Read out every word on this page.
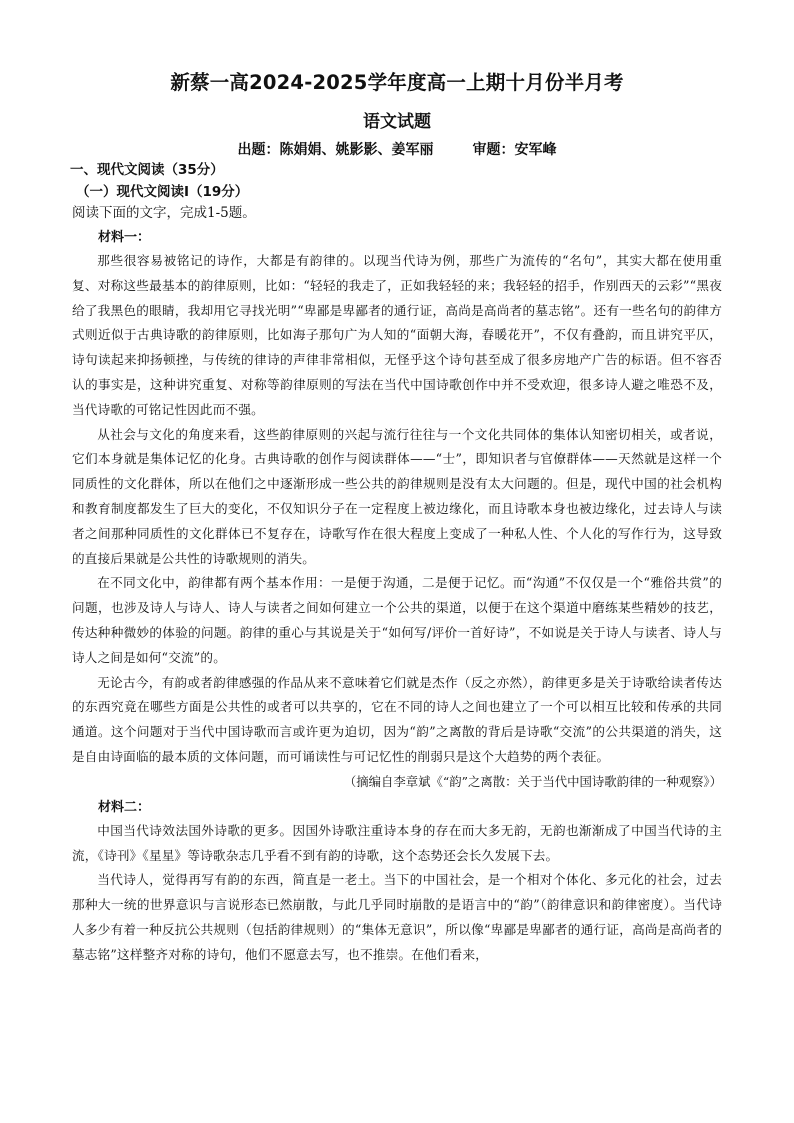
新蔡一高2024-2025学年度高一上期十月份半月考
语文试题

出题：陈娟娟、姚影影、姜军丽        审题：安军峰

一、现代文阅读（35分）

（一）现代文阅读Ⅰ（19分）

阅读下面的文字，完成1-5题。

材料一：

那些很容易被铭记的诗作，大都是有韵律的。以现当代诗为例，那些广为流传的“名句”，其实大都在使用重复、对称这些最基本的韵律原则，比如：“轻轻的我走了，正如我轻轻的来；我轻轻的招手，作别西天的云彩”“黑夜给了我黑色的眼睛，我却用它寻找光明”“卑鄙是卑鄙者的通行证，高尚是高尚者的墓志铭”。还有一些名句的韵律方式则近似于古典诗歌的韵律原则，比如海子那句广为人知的“面朝大海，春暖花开”，不仅有叠韵，而且讲究平仄，诗句读起来抑扬顿挫，与传统的律诗的声律非常相似，无怪乎这个诗句甚至成了很多房地产广告的标语。但不容否认的事实是，这种讲究重复、对称等韵律原则的写法在当代中国诗歌创作中并不受欢迎，很多诗人避之唯恐不及，当代诗歌的可铭记性因此而不强。

从社会与文化的角度来看，这些韵律原则的兴起与流行往往与一个文化共同体的集体认知密切相关，或者说，它们本身就是集体记忆的化身。古典诗歌的创作与阅读群体——“士”，即知识者与官僚群体——天然就是这样一个同质性的文化群体，所以在他们之中逐渐形成一些公共的韵律规则是没有太大问题的。但是，现代中国的社会机构和教育制度都发生了巨大的变化，不仅知识分子在一定程度上被边缘化，而且诗歌本身也被边缘化，过去诗人与读者之间那种同质性的文化群体已不复存在，诗歌写作在很大程度上变成了一种私人性、个人化的写作行为，这导致的直接后果就是公共性的诗歌规则的消失。

在不同文化中，韵律都有两个基本作用：一是便于沟通，二是便于记忆。而“沟通”不仅仅是一个“雅俗共赏”的问题，也涉及诗人与诗人、诗人与读者之间如何建立一个公共的渠道，以便于在这个渠道中磨练某些精妙的技艺，传达种种微妙的体验的问题。韵律的重心与其说是关于“如何写/评价一首好诗”，不如说是关于诗人与读者、诗人与诗人之间是如何“交流”的。

无论古今，有韵或者韵律感强的作品从来不意味着它们就是杰作（反之亦然），韵律更多是关于诗歌给读者传达的东西究竟在哪些方面是公共性的或者可以共享的，它在不同的诗人之间也建立了一个可以相互比较和传承的共同通道。这个问题对于当代中国诗歌而言或许更为迫切，因为“韵”之离散的背后是诗歌“交流”的公共渠道的消失，这是自由诗面临的最本质的文体问题，而可诵读性与可记忆性的削弱只是这个大趋势的两个表征。

（摘编自李章斌《“韵”之离散：关于当代中国诗歌韵律的一种观察》）

材料二：

中国当代诗效法国外诗歌的更多。因国外诗歌注重诗本身的存在而大多无韵，无韵也渐渐成了中国当代诗的主流，《诗刊》《星星》等诗歌杂志几乎看不到有韵的诗歌，这个态势还会长久发展下去。

当代诗人，觉得再写有韵的东西，简直是一老土。当下的中国社会，是一个相对个体化、多元化的社会，过去那种大一统的世界意识与言说形态已然崩散，与此几乎同时崩散的是语言中的“韵”（韵律意识和韵律密度）。当代诗人多少有着一种反抗公共规则（包括韵律规则）的“集体无意识”，所以像“卑鄙是卑鄙者的通行证，高尚是高尚者的墓志铭”这样整齐对称的诗句，他们不愿意去写，也不推崇。在他们看来，
